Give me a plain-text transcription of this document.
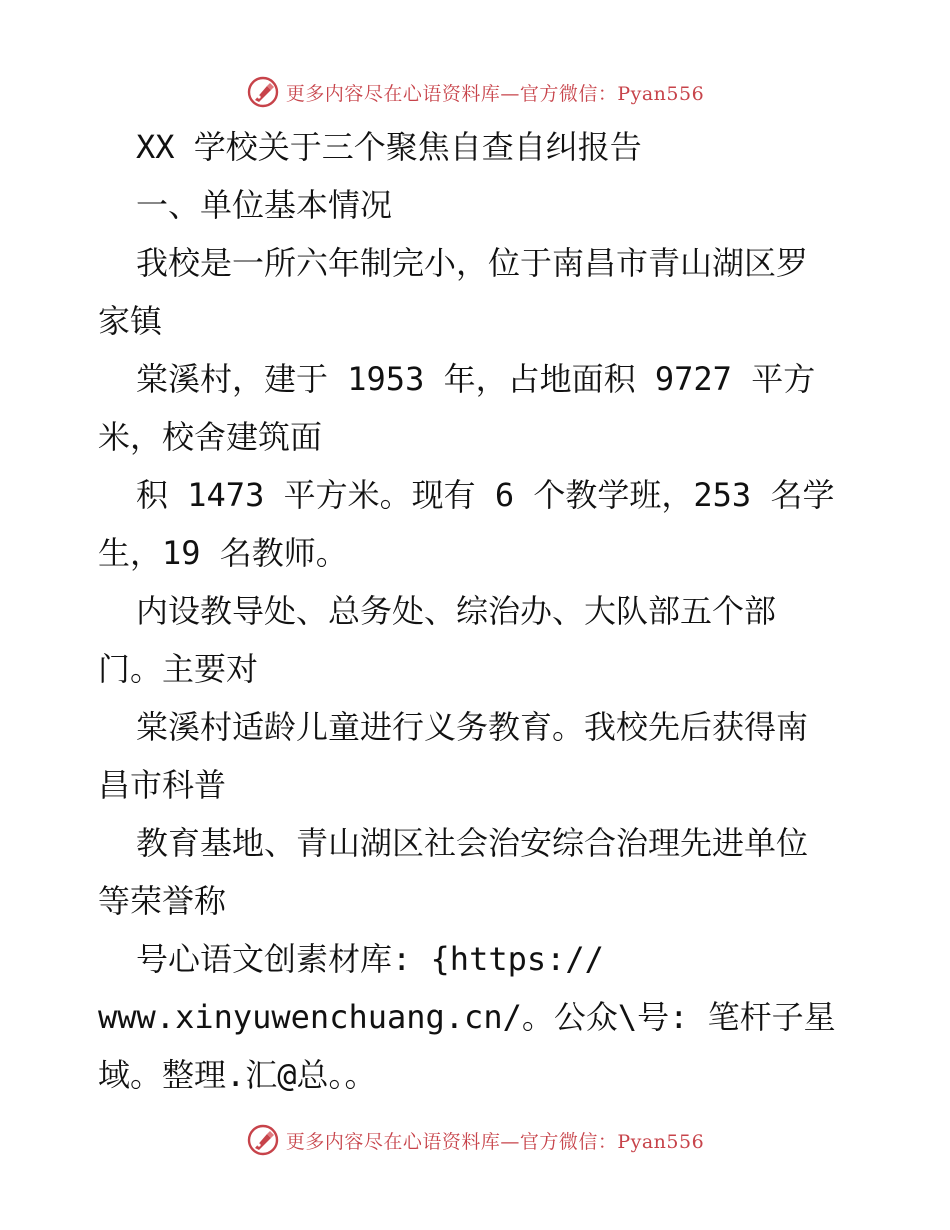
更多内容尽在心语资料库—官方微信：Pyan556
XX 学校关于三个聚焦自查自纠报告
一、单位基本情况
我校是一所六年制完小，位于南昌市青山湖区罗
家镇
棠溪村，建于 1953 年，占地面积 9727 平方
米，校舍建筑面
积 1473 平方米。现有 6 个教学班，253 名学
生，19 名教师。
内设教导处、总务处、综治办、大队部五个部
门。主要对
棠溪村适龄儿童进行义务教育。我校先后获得南
昌市科普
教育基地、青山湖区社会治安综合治理先进单位
等荣誉称
号心语文创素材库: {https://
www.xinyuwenchuang.cn/。公众\号: 笔杆子星
域。整理.汇@总。。
更多内容尽在心语资料库—官方微信：Pyan556
